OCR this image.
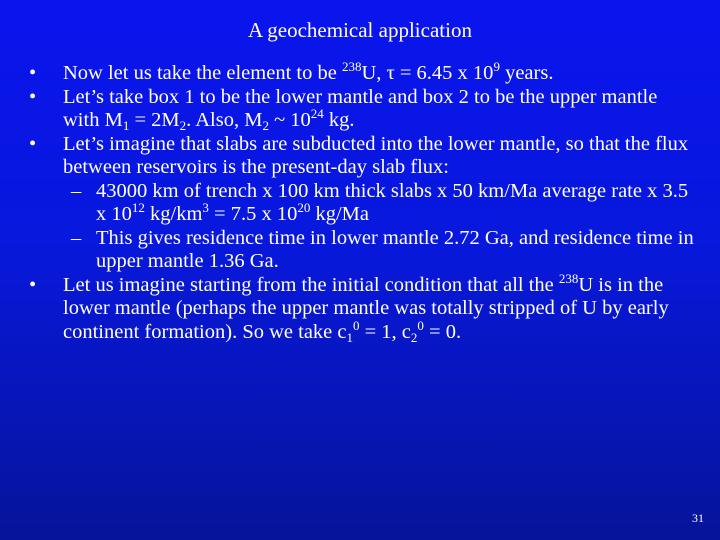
A geochemical application
• Now let us take the element to be $^{238}$U, τ = 6.45 x $10^9$ years.
• Let’s take box 1 to be the lower mantle and box 2 to be the upper mantle with $M_1 = 2M_2$. Also, $M_2$ ~ $10^{24}$ kg.
• Let’s imagine that slabs are subducted into the lower mantle, so that the flux between reservoirs is the present-day slab flux:
– 43000 km of trench x 100 km thick slabs x 50 km/Ma average rate x 3.5 x $10^{12}$ $kg/km^3 = 7.5$ x $10^{20}$ kg/Ma
– This gives residence time in lower mantle 2.72 Ga, and residence time in upper mantle 1.36 Ga.
• Let us imagine starting from the initial condition that all the $^{238}$U is in the lower mantle (perhaps the upper mantle was totally stripped of U by early continent formation). So we take $c_1^0 = 1$, $c_2^0 = 0$.
31
